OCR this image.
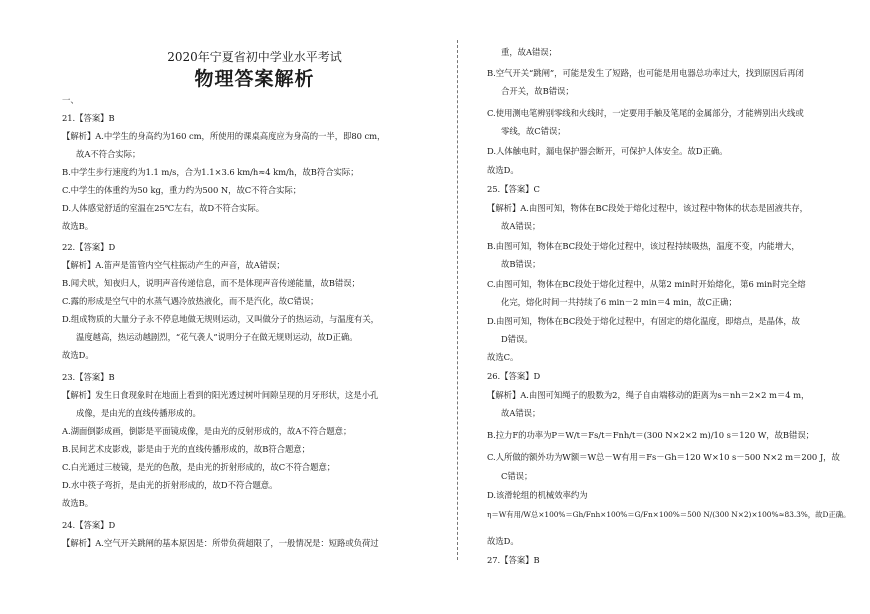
2020年宁夏省初中学业水平考试
物理答案解析
一、
21.【答案】B
【解析】A.中学生的身高约为160 cm，所使用的课桌高度应为身高的一半，即80 cm，
故A不符合实际；
B.中学生步行速度约为1.1 m/s，合为1.1×3.6 km/h≈4 km/h，故B符合实际；
C.中学生的体重约为50 kg，重力约为500 N，故C不符合实际；
D.人体感觉舒适的室温在25℃左右，故D不符合实际。
故选B。
22.【答案】D
【解析】A.笛声是笛管内空气柱振动产生的声音，故A错误；
B.闻犬吠，知夜归人，说明声音传递信息，而不是体现声音传递能量，故B错误；
C.露的形成是空气中的水蒸气遇冷放热液化，而不是汽化，故C错误；
D.组成物质的大量分子永不停息地做无规则运动，又叫做分子的热运动，与温度有关，
温度越高，热运动越剧烈，“花气袭人”说明分子在做无规则运动，故D正确。
故选D。
23.【答案】B
【解析】发生日食现象时在地面上看到的阳光透过树叶间隙呈现的月牙形状，这是小孔
成像，是由光的直线传播形成的。
A.湖面倒影成画，倒影是平面镜成像，是由光的反射形成的，故A不符合题意；
B.民间艺术皮影戏，影是由于光的直线传播形成的，故B符合题意；
C.白光通过三棱镜，是光的色散，是由光的折射形成的，故C不符合题意；
D.水中筷子弯折，是由光的折射形成的，故D不符合题意。
故选B。
24.【答案】D
【解析】A.空气开关跳闸的基本原因是：所带负荷超限了，一般情况是：短路或负荷过
重，故A错误；
B.空气开关“跳闸”，可能是发生了短路，也可能是用电器总功率过大，找到原因后再闭
合开关，故B错误；
C.使用测电笔辨别零线和火线时，一定要用手触及笔尾的金属部分，才能辨别出火线或
零线，故C错误；
D.人体触电时，漏电保护器会断开，可保护人体安全。故D正确。
故选D。
25.【答案】C
【解析】A.由图可知，物体在BC段处于熔化过程中，该过程中物体的状态是固液共存，
故A错误；
B.由图可知，物体在BC段处于熔化过程中，该过程持续吸热，温度不变，内能增大，
故B错误；
C.由图可知，物体在BC段处于熔化过程中，从第2 min时开始熔化，第6 min时完全熔
化完，熔化时间一共持续了6 min－2 min＝4 min，故C正确；
D.由图可知，物体在BC段处于熔化过程中，有固定的熔化温度，即熔点，是晶体，故
D错误。
故选C。
26.【答案】D
【解析】A.由图可知绳子的股数为2，绳子自由端移动的距离为s＝nh＝2×2 m＝4 m，
故A错误；
B.拉力F的功率为P＝W/t＝Fs/t＝Fnh/t＝(300 N×2×2 m)/10 s＝120 W，故B错误；
C.人所做的额外功为W额＝W总－W有用＝Fs－Gh＝120 W×10 s－500 N×2 m＝200 J，故
C错误；
D.该滑轮组的机械效率约为
η＝W有用/W总×100%＝Gh/Fnh×100%＝G/Fn×100%＝500 N/(300 N×2)×100%≈83.3%，故D正确。
故选D。
27.【答案】B
